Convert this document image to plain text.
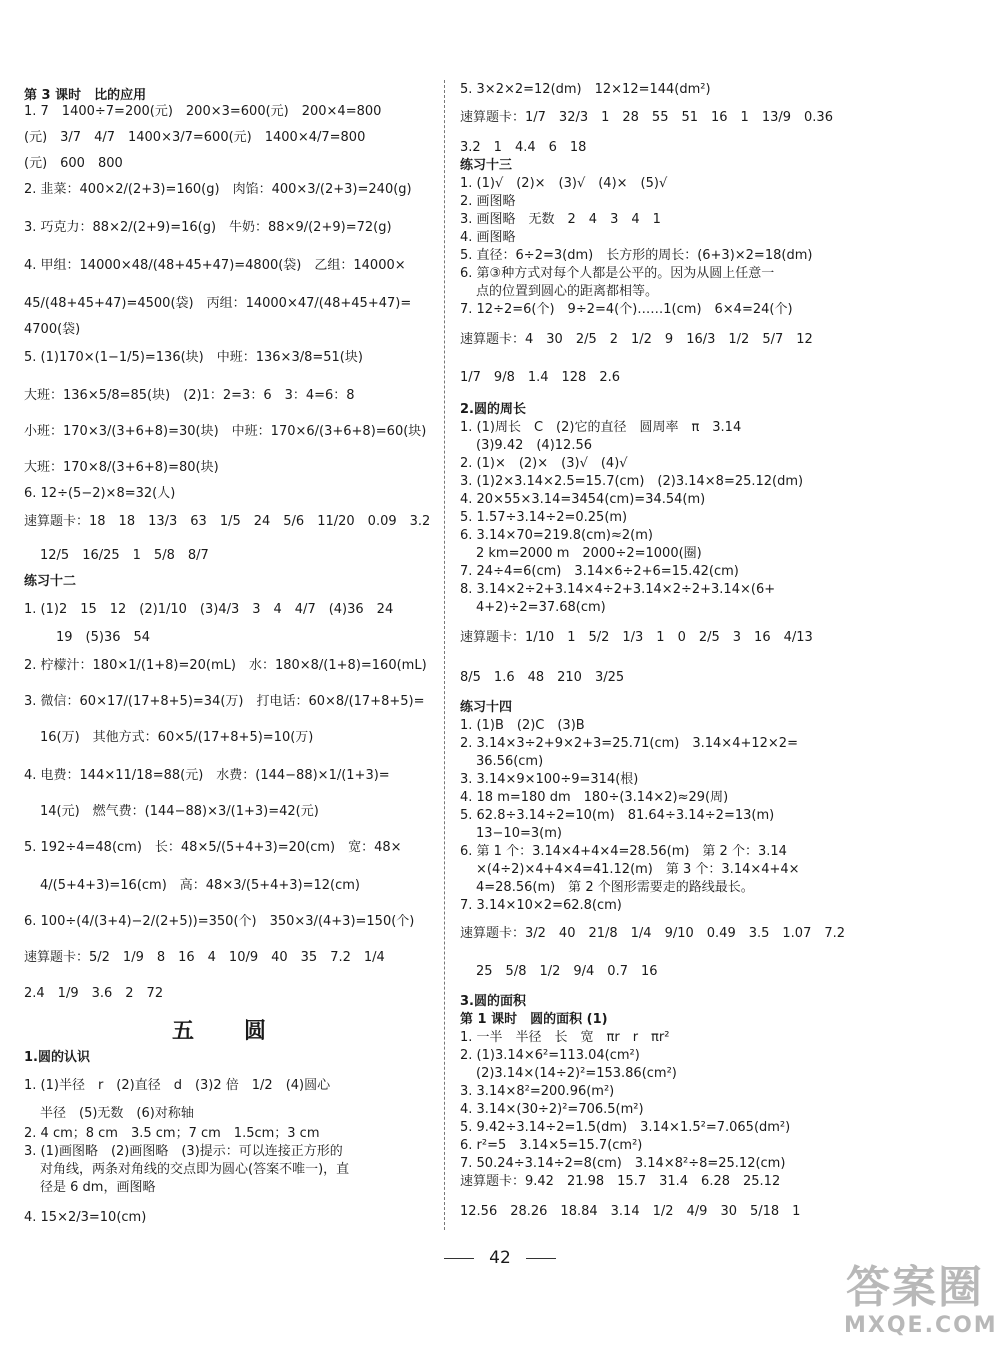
第 3 课时　比的应用
1. 7　1400÷7=200(元)　200×3=600(元)　200×4=800
(元)　3/7　4/7　1400×3/7=600(元)　1400×4/7=800
(元)　600　800
2. 韭菜：400×2/(2+3)=160(g)　肉馅：400×3/(2+3)=240(g)
3. 巧克力：88×2/(2+9)=16(g)　牛奶：88×9/(2+9)=72(g)
4. 甲组：14000×48/(48+45+47)=4800(袋)　乙组：14000×
45/(48+45+47)=4500(袋)　丙组：14000×47/(48+45+47)=
4700(袋)
5. (1)170×(1−1/5)=136(块)　中班：136×3/8=51(块)
大班：136×5/8=85(块)　(2)1：2=3：6　3：4=6：8
小班：170×3/(3+6+8)=30(块)　中班：170×6/(3+6+8)=60(块)
大班：170×8/(3+6+8)=80(块)
6. 12÷(5−2)×8=32(人)
速算题卡：18　18　13/3　63　1/5　24　5/6　11/20　0.09　3.2
12/5　16/25　1　5/8　8/7
练习十二
1. (1)2　15　12　(2)1/10　(3)4/3　3　4　4/7　(4)36　24
19　(5)36　54
2. 柠檬汁：180×1/(1+8)=20(mL)　水：180×8/(1+8)=160(mL)
3. 微信：60×17/(17+8+5)=34(万)　打电话：60×8/(17+8+5)=
16(万)　其他方式：60×5/(17+8+5)=10(万)
4. 电费：144×11/18=88(元)　水费：(144−88)×1/(1+3)=
14(元)　燃气费：(144−88)×3/(1+3)=42(元)
5. 192÷4=48(cm)　长：48×5/(5+4+3)=20(cm)　宽：48×
4/(5+4+3)=16(cm)　高：48×3/(5+4+3)=12(cm)
6. 100÷(4/(3+4)−2/(2+5))=350(个)　350×3/(4+3)=150(个)
速算题卡：5/2　1/9　8　16　4　10/9　40　35　7.2　1/4
2.4　1/9　3.6　2　72
五　圆
1.圆的认识
1. (1)半径　r　(2)直径　d　(3)2 倍　1/2　(4)圆心
半径　(5)无数　(6)对称轴
2. 4 cm；8 cm　3.5 cm；7 cm　1.5cm；3 cm
3. (1)画图略　(2)画图略　(3)提示：可以连接正方形的
对角线，两条对角线的交点即为圆心(答案不唯一)，直
径是 6 dm，画图略
4. 15×2/3=10(cm)
5. 3×2×2=12(dm)　12×12=144(dm²)
速算题卡：1/7　32/3　1　28　55　51　16　1　13/9　0.36
3.2　1　4.4　6　18
练习十三
1. (1)√　(2)×　(3)√　(4)×　(5)√
2. 画图略
3. 画图略　无数　2　4　3　4　1
4. 画图略
5. 直径：6÷2=3(dm)　长方形的周长：(6+3)×2=18(dm)
6. 第③种方式对每个人都是公平的。因为从圆上任意一
点的位置到圆心的距离都相等。
7. 12÷2=6(个)　9÷2=4(个)……1(cm)　6×4=24(个)
速算题卡：4　30　2/5　2　1/2　9　16/3　1/2　5/7　12
1/7　9/8　1.4　128　2.6
2.圆的周长
1. (1)周长　C　(2)它的直径　圆周率　π　3.14
(3)9.42　(4)12.56
2. (1)×　(2)×　(3)√　(4)√
3. (1)2×3.14×2.5=15.7(cm)　(2)3.14×8=25.12(dm)
4. 20×55×3.14=3454(cm)=34.54(m)
5. 1.57÷3.14÷2=0.25(m)
6. 3.14×70=219.8(cm)≈2(m)
2 km=2000 m　2000÷2=1000(圈)
7. 24÷4=6(cm)　3.14×6÷2+6=15.42(cm)
8. 3.14×2÷2+3.14×4÷2+3.14×2÷2+3.14×(6+
4+2)÷2=37.68(cm)
速算题卡：1/10　1　5/2　1/3　1　0　2/5　3　16　4/13
8/5　1.6　48　210　3/25
练习十四
1. (1)B　(2)C　(3)B
2. 3.14×3÷2+9×2+3=25.71(cm)　3.14×4+12×2=
36.56(cm)
3. 3.14×9×100÷9=314(根)
4. 18 m=180 dm　180÷(3.14×2)≈29(周)
5. 62.8÷3.14÷2=10(m)　81.64÷3.14÷2=13(m)
13−10=3(m)
6. 第 1 个：3.14×4+4×4=28.56(m)　第 2 个：3.14
×(4÷2)×4+4×4=41.12(m)　第 3 个：3.14×4+4×
4=28.56(m)　第 2 个图形需要走的路线最长。
7. 3.14×10×2=62.8(cm)
速算题卡：3/2　40　21/8　1/4　9/10　0.49　3.5　1.07　7.2
25　5/8　1/2　9/4　0.7　16
3.圆的面积
第 1 课时　圆的面积 (1)
1. 一半　半径　长　宽　πr　r　πr²
2. (1)3.14×6²=113.04(cm²)
(2)3.14×(14÷2)²=153.86(cm²)
3. 3.14×8²=200.96(m²)
4. 3.14×(30÷2)²=706.5(m²)
5. 9.42÷3.14÷2=1.5(dm)　3.14×1.5²=7.065(dm²)
6. r²=5　3.14×5=15.7(cm²)
7. 50.24÷3.14÷2=8(cm)　3.14×8²÷8=25.12(cm)
速算题卡：9.42　21.98　15.7　31.4　6.28　25.12
12.56　28.26　18.84　3.14　1/2　4/9　30　5/18　1
42
答案圈
MXQE.COM
